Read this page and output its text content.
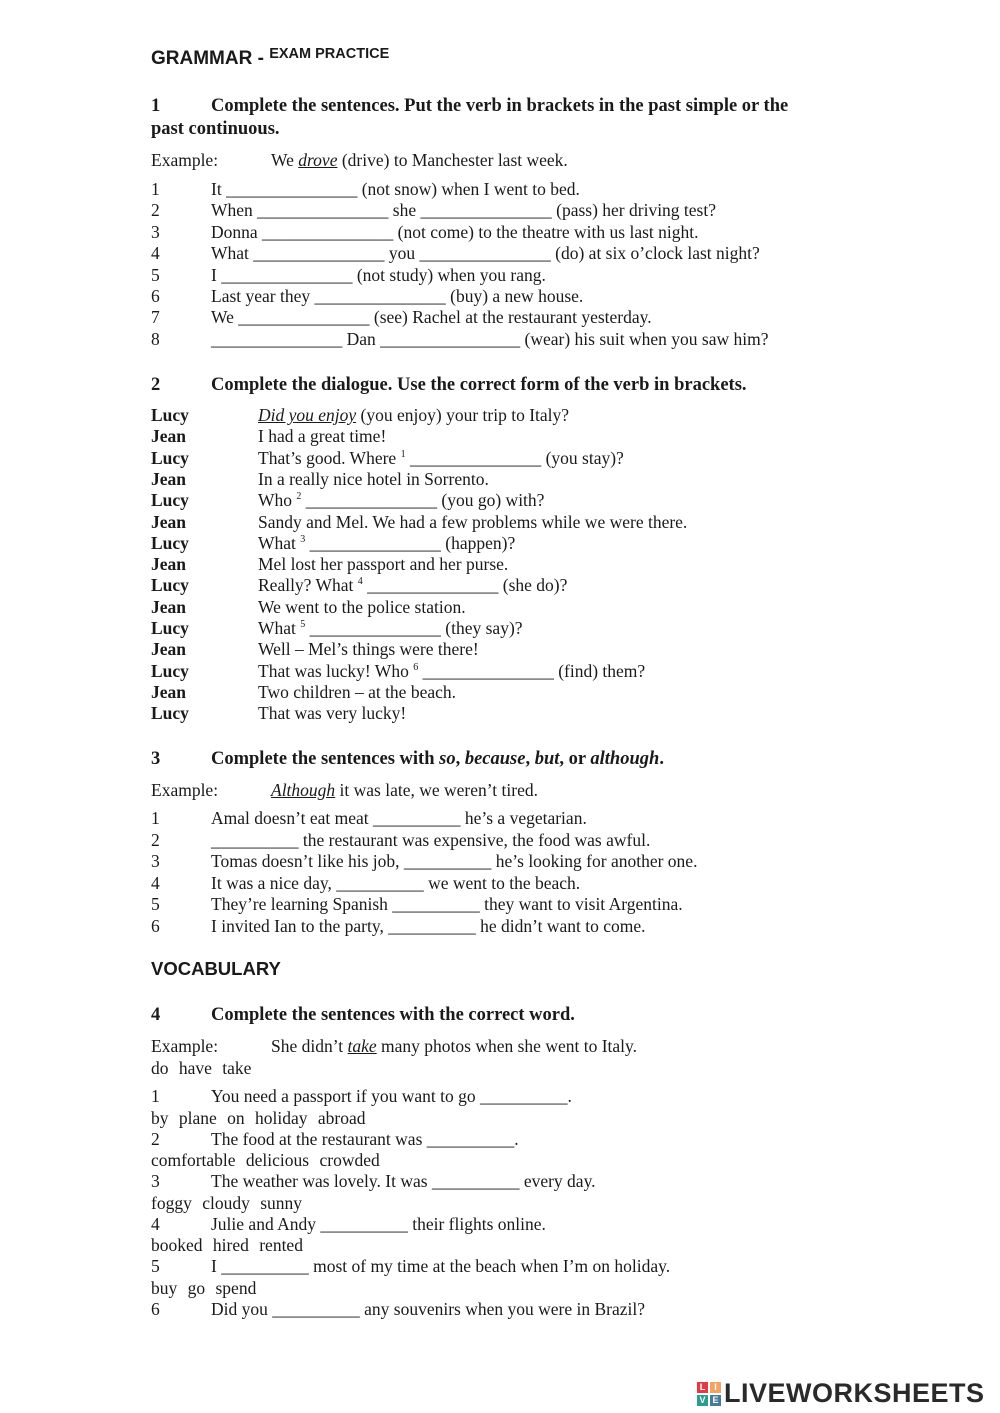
GRAMMAR - $^{EXAM PRACTICE}$
1	Complete the sentences. Put the verb in brackets in the past simple or the
past continuous.
Example:	We drove (drive) to Manchester last week.
1	It _______________ (not snow) when I went to bed.
2	When _______________ she _______________ (pass) her driving test?
3	Donna _______________ (not come) to the theatre with us last night.
4	What _______________ you _______________ (do) at six o’clock last night?
5	I _______________ (not study) when you rang.
6	Last year they _______________ (buy) a new house.
7	We _______________ (see) Rachel at the restaurant yesterday.
8	_______________ Dan ________________ (wear) his suit when you saw him?
2	Complete the dialogue. Use the correct form of the verb in brackets.
Lucy	Did you enjoy (you enjoy) your trip to Italy?
Jean	I had a great time!
Lucy	That’s good. Where $^1$ _______________ (you stay)?
Jean	In a really nice hotel in Sorrento.
Lucy	Who $^2$ _______________ (you go) with?
Jean	Sandy and Mel. We had a few problems while we were there.
Lucy	What $^3$ _______________ (happen)?
Jean	Mel lost her passport and her purse.
Lucy	Really? What $^4$ _______________ (she do)?
Jean	We went to the police station.
Lucy	What $^5$ _______________ (they say)?
Jean	Well – Mel’s things were there!
Lucy	That was lucky! Who $^6$ _______________ (find) them?
Jean	Two children – at the beach.
Lucy	That was very lucky!
3	Complete the sentences with so, because, but, or although.
Example:	Although it was late, we weren’t tired.
1	Amal doesn’t eat meat __________ he’s a vegetarian.
2	__________ the restaurant was expensive, the food was awful.
3	Tomas doesn’t like his job, __________ he’s looking for another one.
4	It was a nice day, __________ we went to the beach.
5	They’re learning Spanish __________ they want to visit Argentina.
6	I invited Ian to the party, __________ he didn’t want to come.
VOCABULARY
4	Complete the sentences with the correct word.
Example:	She didn’t take many photos when she went to Italy.
do have take
1	You need a passport if you want to go __________.
by plane on holiday abroad
2	The food at the restaurant was __________.
comfortable delicious crowded
3	The weather was lovely. It was __________ every day.
foggy cloudy sunny
4	Julie and Andy __________ their flights online.
booked hired rented
5	I __________ most of my time at the beach when I’m on holiday.
buy go spend
6	Did you __________ any souvenirs when you were in Brazil?
L I
V E LIVEWORKSHEETS
